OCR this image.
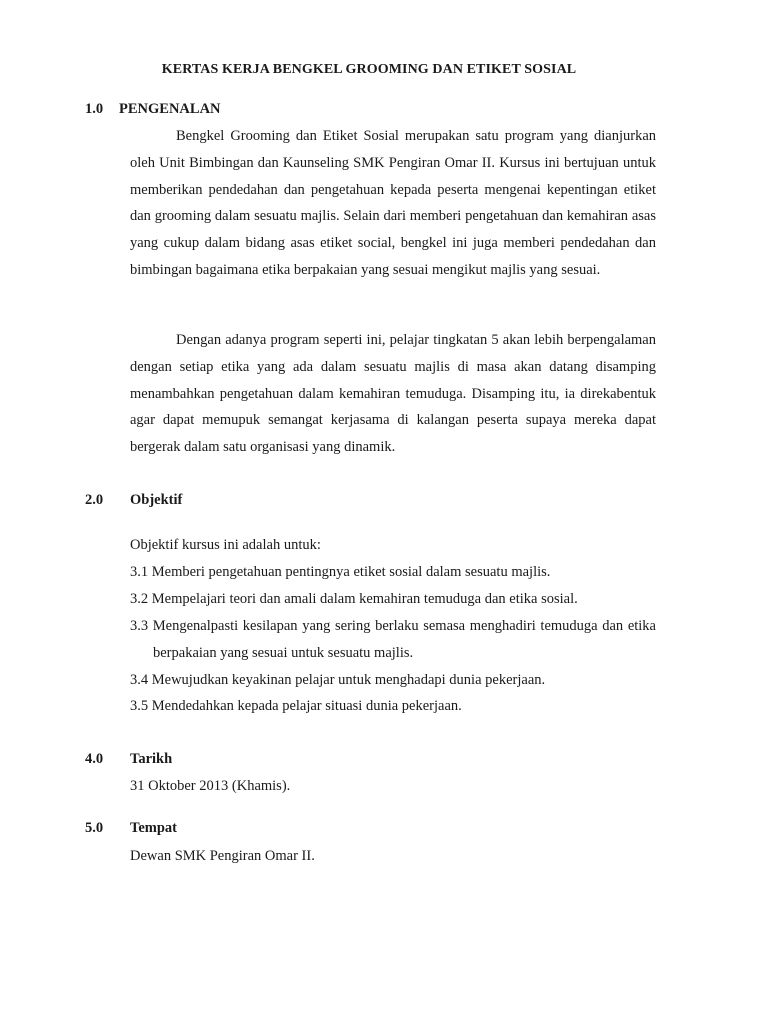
KERTAS KERJA BENGKEL GROOMING DAN ETIKET SOSIAL
1.0	PENGENALAN

Bengkel Grooming dan Etiket Sosial merupakan satu program yang dianjurkan oleh Unit Bimbingan dan Kaunseling SMK Pengiran Omar II. Kursus ini bertujuan untuk memberikan pendedahan dan pengetahuan kepada peserta mengenai kepentingan etiket dan grooming dalam sesuatu majlis. Selain dari memberi pengetahuan dan kemahiran asas yang cukup dalam bidang asas etiket social, bengkel ini juga memberi pendedahan dan bimbingan bagaimana etika berpakaian yang sesuai mengikut majlis yang sesuai.

Dengan adanya program seperti ini, pelajar tingkatan 5 akan lebih berpengalaman dengan setiap etika yang ada dalam sesuatu majlis di masa akan datang disamping menambahkan pengetahuan dalam kemahiran temuduga. Disamping itu, ia direkabentuk agar dapat memupuk semangat kerjasama di kalangan peserta supaya mereka dapat bergerak dalam satu organisasi yang dinamik.

2.0	Objektif
Objektif kursus ini adalah untuk:
3.1 Memberi pengetahuan pentingnya etiket sosial dalam sesuatu majlis.
3.2 Mempelajari teori dan amali dalam kemahiran temuduga dan etika sosial.
3.3 Mengenalpasti kesilapan yang sering berlaku semasa menghadiri temuduga dan etika berpakaian yang sesuai untuk sesuatu majlis.
3.4 Mewujudkan keyakinan pelajar untuk menghadapi dunia pekerjaan.
3.5 Mendedahkan kepada pelajar situasi dunia pekerjaan.
4.0	Tarikh
31 Oktober 2013 (Khamis).
5.0	Tempat
Dewan SMK Pengiran Omar II.
